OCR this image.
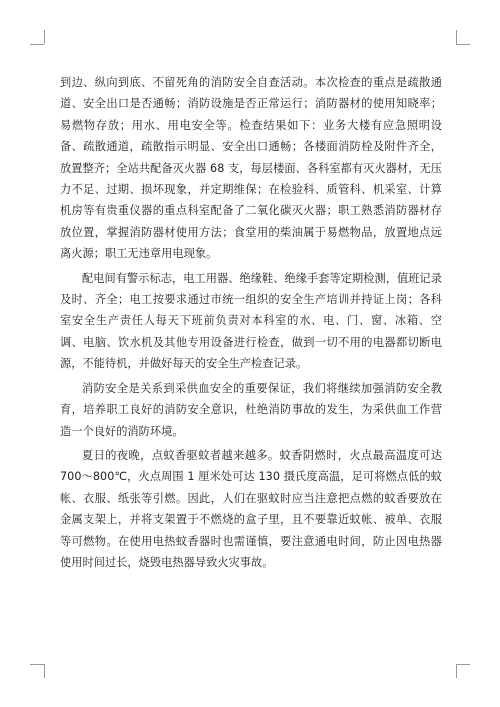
到边、纵向到底、不留死角的消防安全自查活动。本次检查的重点是疏散通道、安全出口是否通畅；消防设施是否正常运行；消防器材的使用知晓率；易燃物存放；用水、用电安全等。检查结果如下：业务大楼有应急照明设备、疏散通道，疏散指示明显、安全出口通畅；各楼面消防栓及附件齐全，放置整齐；全站共配备灭火器 68 支，每层楼面、各科室都有灭火器材，无压力不足、过期、损坏现象，并定期维保；在检验科、质管科、机采室、计算机房等有贵重仪器的重点科室配备了二氧化碳灭火器；职工熟悉消防器材存放位置，掌握消防器材使用方法；食堂用的柴油属于易燃物品，放置地点远离火源；职工无违章用电现象。

配电间有警示标志，电工用器、绝缘鞋、绝缘手套等定期检测，值班记录及时、齐全；电工按要求通过市统一组织的安全生产培训并持证上岗；各科室安全生产责任人每天下班前负责对本科室的水、电、门、窗、冰箱、空调、电脑、饮水机及其他专用设备进行检查，做到一切不用的电器都切断电源，不能待机，并做好每天的安全生产检查记录。

消防安全是关系到采供血安全的重要保证，我们将继续加强消防安全教育，培养职工良好的消防安全意识，杜绝消防事故的发生，为采供血工作营造一个良好的消防环境。

夏日的夜晚，点蚊香驱蚊者越来越多。蚊香阴燃时，火点最高温度可达 700～800℃，火点周围 1 厘米处可达 130 摄氏度高温，足可将燃点低的蚊帐、衣服、纸张等引燃。因此，人们在驱蚊时应当注意把点燃的蚊香要放在金属支架上，并将支架置于不燃烧的盒子里，且不要靠近蚊帐、被单、衣服等可燃物。在使用电热蚊香器时也需谨慎，要注意通电时间，防止因电热器使用时间过长，烧毁电热器导致火灾事故。
